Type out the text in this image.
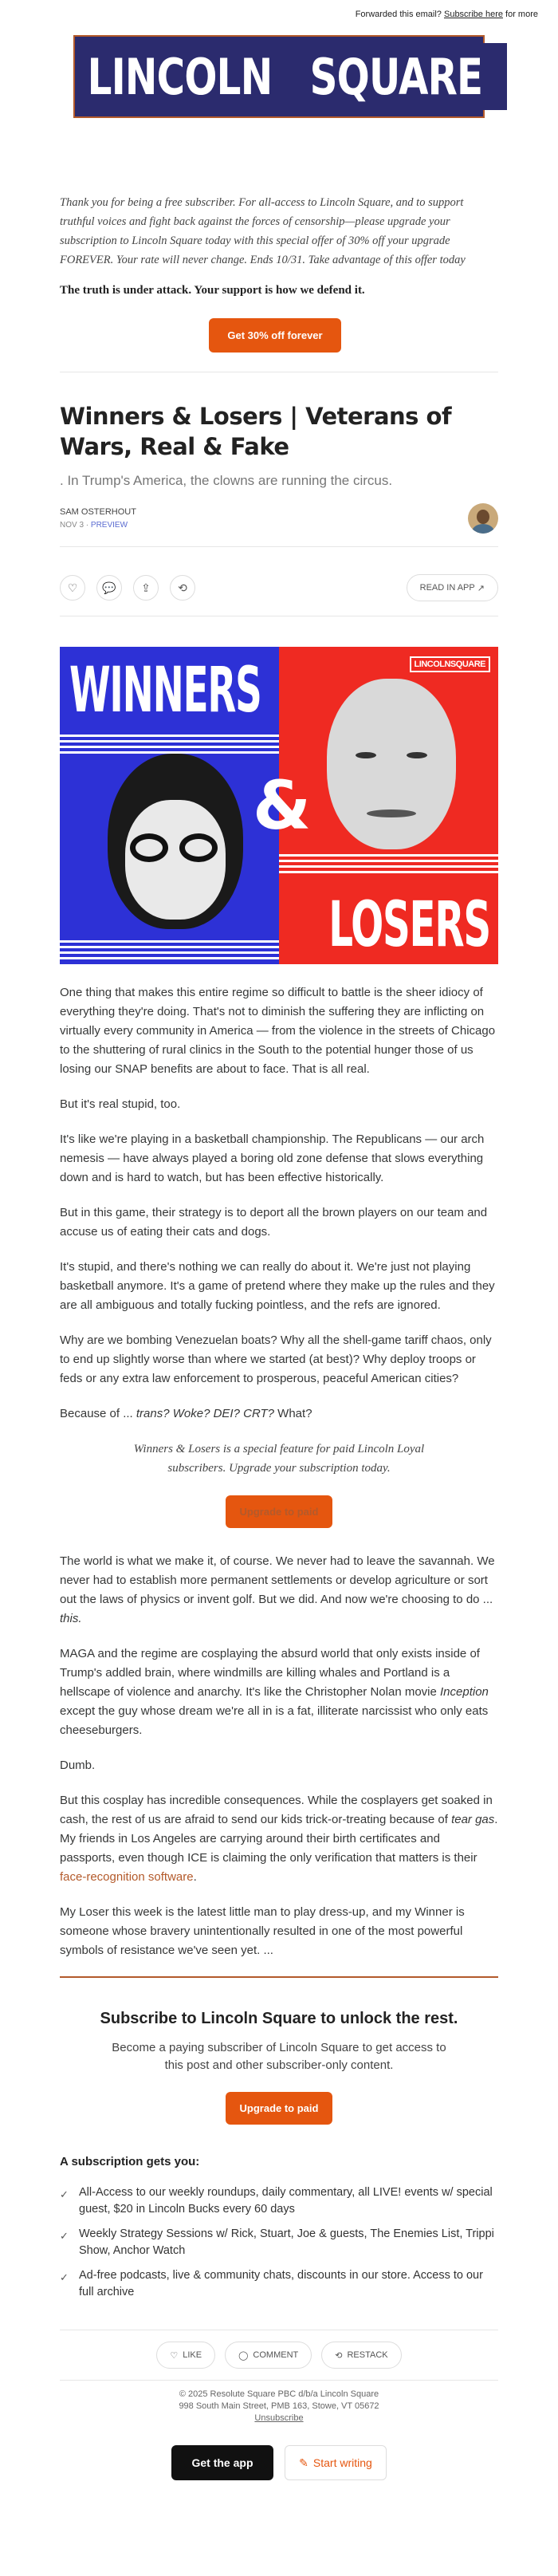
Forwarded this email? Subscribe here for more
LINCOLN SQUARE

Thank you for being a free subscriber. For all-access to Lincoln Square, and to support truthful voices and fight back against the forces of censorship—please upgrade your subscription to Lincoln Square today with this special offer of 30% off your upgrade FOREVER. Your rate will never change. Ends 10/31. Take advantage of this offer today

The truth is under attack. Your support is how we defend it.

Get 30% off forever
Winners & Losers | Veterans of Wars, Real & Fake

. In Trump's America, the clowns are running the circus.

SAM OSTERHOUT
NOV 3 · PREVIEW
♡	💬	⇪	⟲	READ IN APP
↗
WINNERS	LINCOLNSQUARE
LOSERS
&

One thing that makes this entire regime so difficult to battle is the sheer idiocy of everything they're doing. That's not to diminish the suffering they are inflicting on virtually every community in America — from the violence in the streets of Chicago to the shuttering of rural clinics in the South to the potential hunger those of us losing our SNAP benefits are about to face. That is all real.

But it's real stupid, too.

It's like we're playing in a basketball championship. The Republicans — our arch nemesis — have always played a boring old zone defense that slows everything down and is hard to watch, but has been effective historically.

But in this game, their strategy is to deport all the brown players on our team and accuse us of eating their cats and dogs.

It's stupid, and there's nothing we can really do about it. We're just not playing basketball anymore. It's a game of pretend where they make up the rules and they are all ambiguous and totally fucking pointless, and the refs are ignored.

Why are we bombing Venezuelan boats? Why all the shell-game tariff chaos, only to end up slightly worse than where we started (at best)? Why deploy troops or feds or any extra law enforcement to prosperous, peaceful American cities?

Because of ... trans? Woke? DEI? CRT? What?

Winners & Losers is a special feature for paid Lincoln Loyal subscribers. Upgrade your subscription today.

Upgrade to paid

The world is what we make it, of course. We never had to leave the savannah. We never had to establish more permanent settlements or develop agriculture or sort out the laws of physics or invent golf. But we did. And now we're choosing to do ... this.

MAGA and the regime are cosplaying the absurd world that only exists inside of Trump's addled brain, where windmills are killing whales and Portland is a hellscape of violence and anarchy. It's like the Christopher Nolan movie Inception except the guy whose dream we're all in is a fat, illiterate narcissist who only eats cheeseburgers.

Dumb.

But this cosplay has incredible consequences. While the cosplayers get soaked in cash, the rest of us are afraid to send our kids trick-or-treating because of tear gas. My friends in Los Angeles are carrying around their birth certificates and passports, even though ICE is claiming the only verification that matters is their face-recognition software.

My Loser this week is the latest little man to play dress-up, and my Winner is someone whose bravery unintentionally resulted in one of the most powerful symbols of resistance we've seen yet. ...

Subscribe to Lincoln Square to unlock the rest.

Become a paying subscriber of Lincoln Square to get access to this post and other subscriber-only content.

Upgrade to paid

A subscription gets you:

✓ All-Access to our weekly roundups, daily commentary, all LIVE! events w/ special guest, $20 in Lincoln Bucks every 60 days
✓ Weekly Strategy Sessions w/ Rick, Stuart, Joe & guests, The Enemies List, Trippi Show, Anchor Watch
✓ Ad-free podcasts, live & community chats, discounts in our store. Access to our full archive
♡ LIKE	◯ COMMENT	⟲ RESTACK
© 2025 Resolute Square PBC d/b/a Lincoln Square
998 South Main Street, PMB 163, Stowe, VT 05672
Unsubscribe
Get the app	✎ Start writing
